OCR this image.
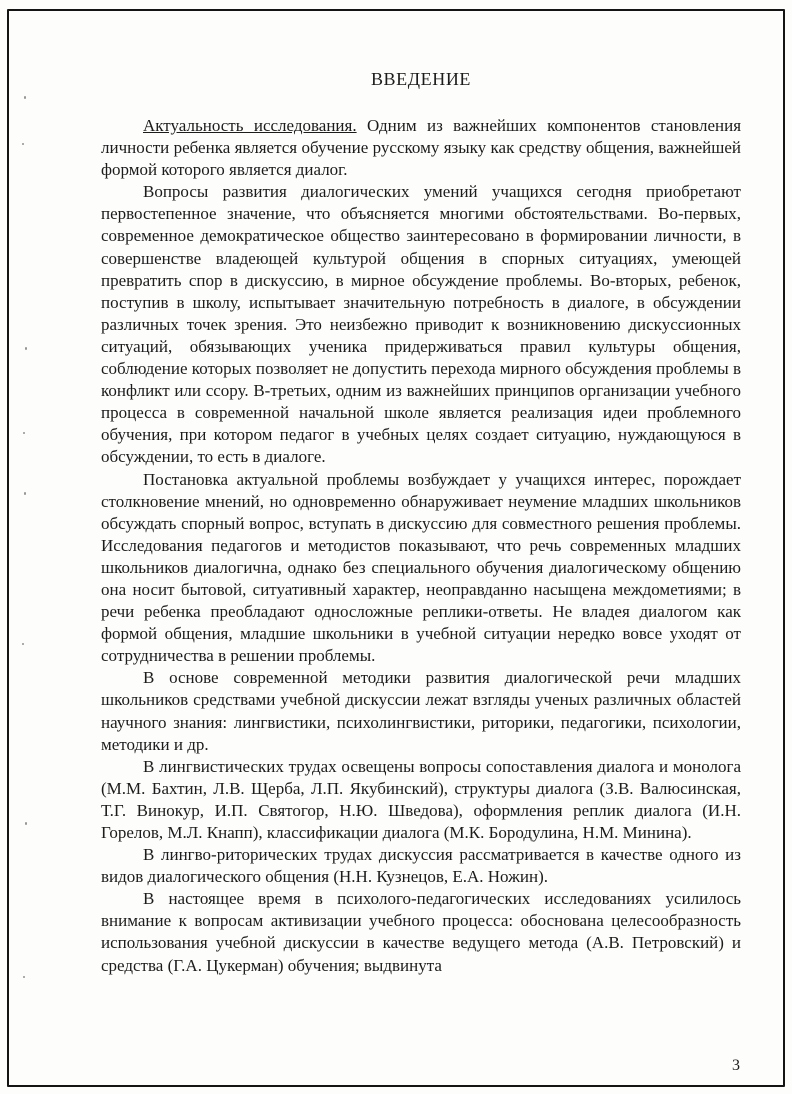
ВВЕДЕНИЕ

Актуальность исследования. Одним из важнейших компонентов становления личности ребенка является обучение русскому языку как средству общения, важнейшей формой которого является диалог.

Вопросы развития диалогических умений учащихся сегодня приобретают первостепенное значение, что объясняется многими обстоятельствами. Во-первых, современное демократическое общество заинтересовано в формировании личности, в совершенстве владеющей культурой общения в спорных ситуациях, умеющей превратить спор в дискуссию, в мирное обсуждение проблемы. Во-вторых, ребенок, поступив в школу, испытывает значительную потребность в диалоге, в обсуждении различных точек зрения. Это неизбежно приводит к возникновению дискуссионных ситуаций, обязывающих ученика придерживаться правил культуры общения, соблюдение которых позволяет не допустить перехода мирного обсуждения проблемы в конфликт или ссору. В-третьих, одним из важнейших принципов организации учебного процесса в современной начальной школе является реализация идеи проблемного обучения, при котором педагог в учебных целях создает ситуацию, нуждающуюся в обсуждении, то есть в диалоге.

Постановка актуальной проблемы возбуждает у учащихся интерес, порождает столкновение мнений, но одновременно обнаруживает неумение младших школьников обсуждать спорный вопрос, вступать в дискуссию для совместного решения проблемы. Исследования педагогов и методистов показывают, что речь современных младших школьников диалогична, однако без специального обучения диалогическому общению она носит бытовой, ситуативный характер, неоправданно насыщена междометиями; в речи ребенка преобладают односложные реплики-ответы. Не владея диалогом как формой общения, младшие школьники в учебной ситуации нередко вовсе уходят от сотрудничества в решении проблемы.

В основе современной методики развития диалогической речи младших школьников средствами учебной дискуссии лежат взгляды ученых различных областей научного знания: лингвистики, психолингвистики, риторики, педагогики, психологии, методики и др.

В лингвистических трудах освещены вопросы сопоставления диалога и монолога (М.М. Бахтин, Л.В. Щерба, Л.П. Якубинский), структуры диалога (З.В. Валюсинская, Т.Г. Винокур, И.П. Святогор, Н.Ю. Шведова), оформления реплик диалога (И.Н. Горелов, М.Л. Кнапп), классификации диалога (М.К. Бородулина, Н.М. Минина).

В лингво-риторических трудах дискуссия рассматривается в качестве одного из видов диалогического общения (Н.Н. Кузнецов, Е.А. Ножин).

В настоящее время в психолого-педагогических исследованиях усилилось внимание к вопросам активизации учебного процесса: обоснована целесообразность использования учебной дискуссии в качестве ведущего метода (А.В. Петровский) и средства (Г.А. Цукерман) обучения; выдвинута

3
